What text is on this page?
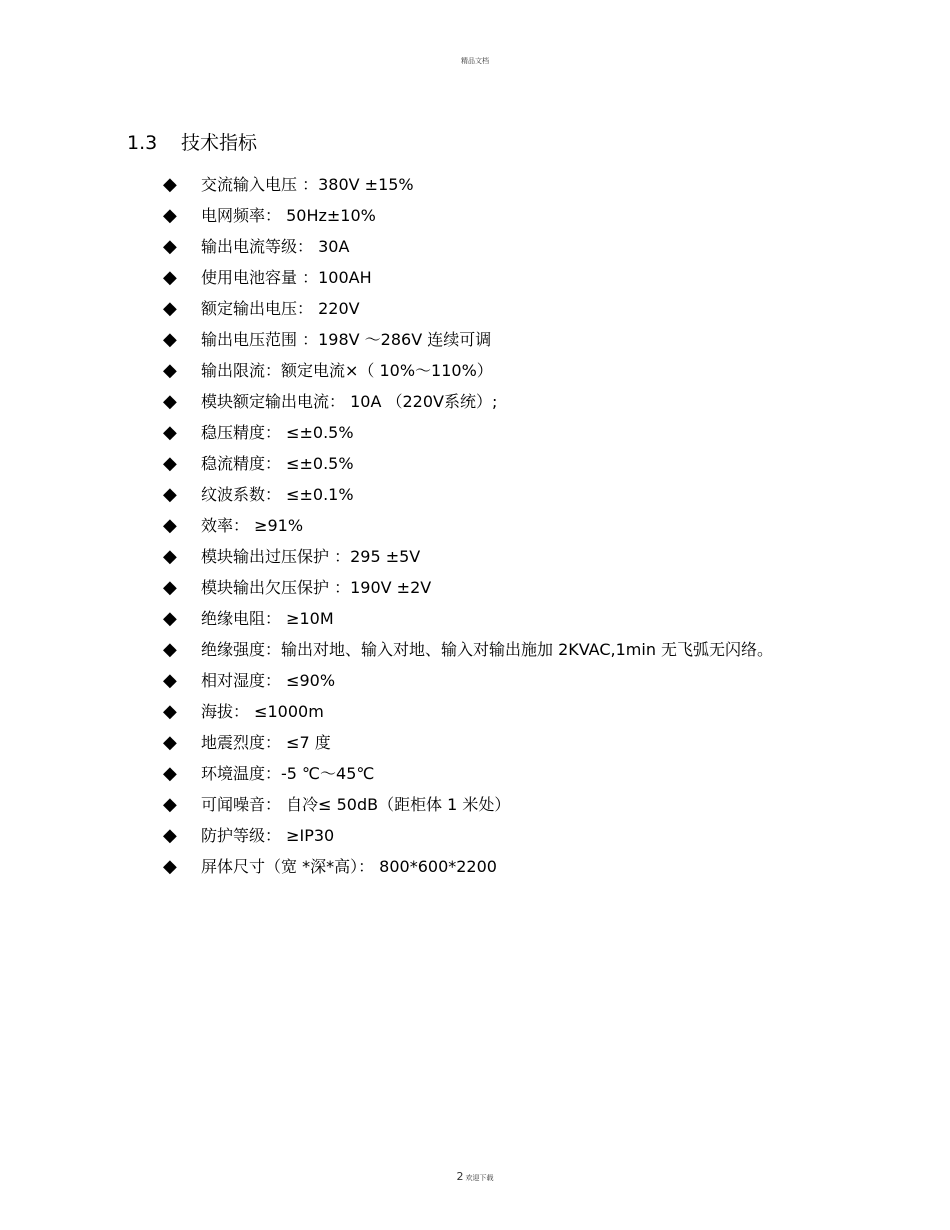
精品文档
1.3 技术指标
◆	交流输入电压 ：380V ±15%
◆	电网频率： 50Hz±10%
◆	输出电流等级： 30A
◆	使用电池容量 ：100AH
◆	额定输出电压： 220V
◆	输出电压范围 ：198V ～286V 连续可调
◆	输出限流：额定电流×（ 10%～110%）
◆	模块额定输出电流： 10A （220V系统）;
◆	稳压精度： ≤±0.5%
◆	稳流精度： ≤±0.5%
◆	纹波系数： ≤±0.1%
◆	效率： ≥91%
◆	模块输出过压保护 ：295 ±5V
◆	模块输出欠压保护 ：190V ±2V
◆	绝缘电阻： ≥10M
◆	绝缘强度：输出对地、输入对地、输入对输出施加 2KVAC,1min 无飞弧无闪络。
◆	相对湿度： ≤90%
◆	海拔： ≤1000m
◆	地震烈度： ≤7 度
◆	环境温度：-5 ℃～45℃
◆	可闻噪音： 自冷≤ 50dB（距柜体 1 米处）
◆	防护等级： ≥IP30
◆	屏体尺寸（宽 *深*高）： 800*600*2200
2 欢迎下载
